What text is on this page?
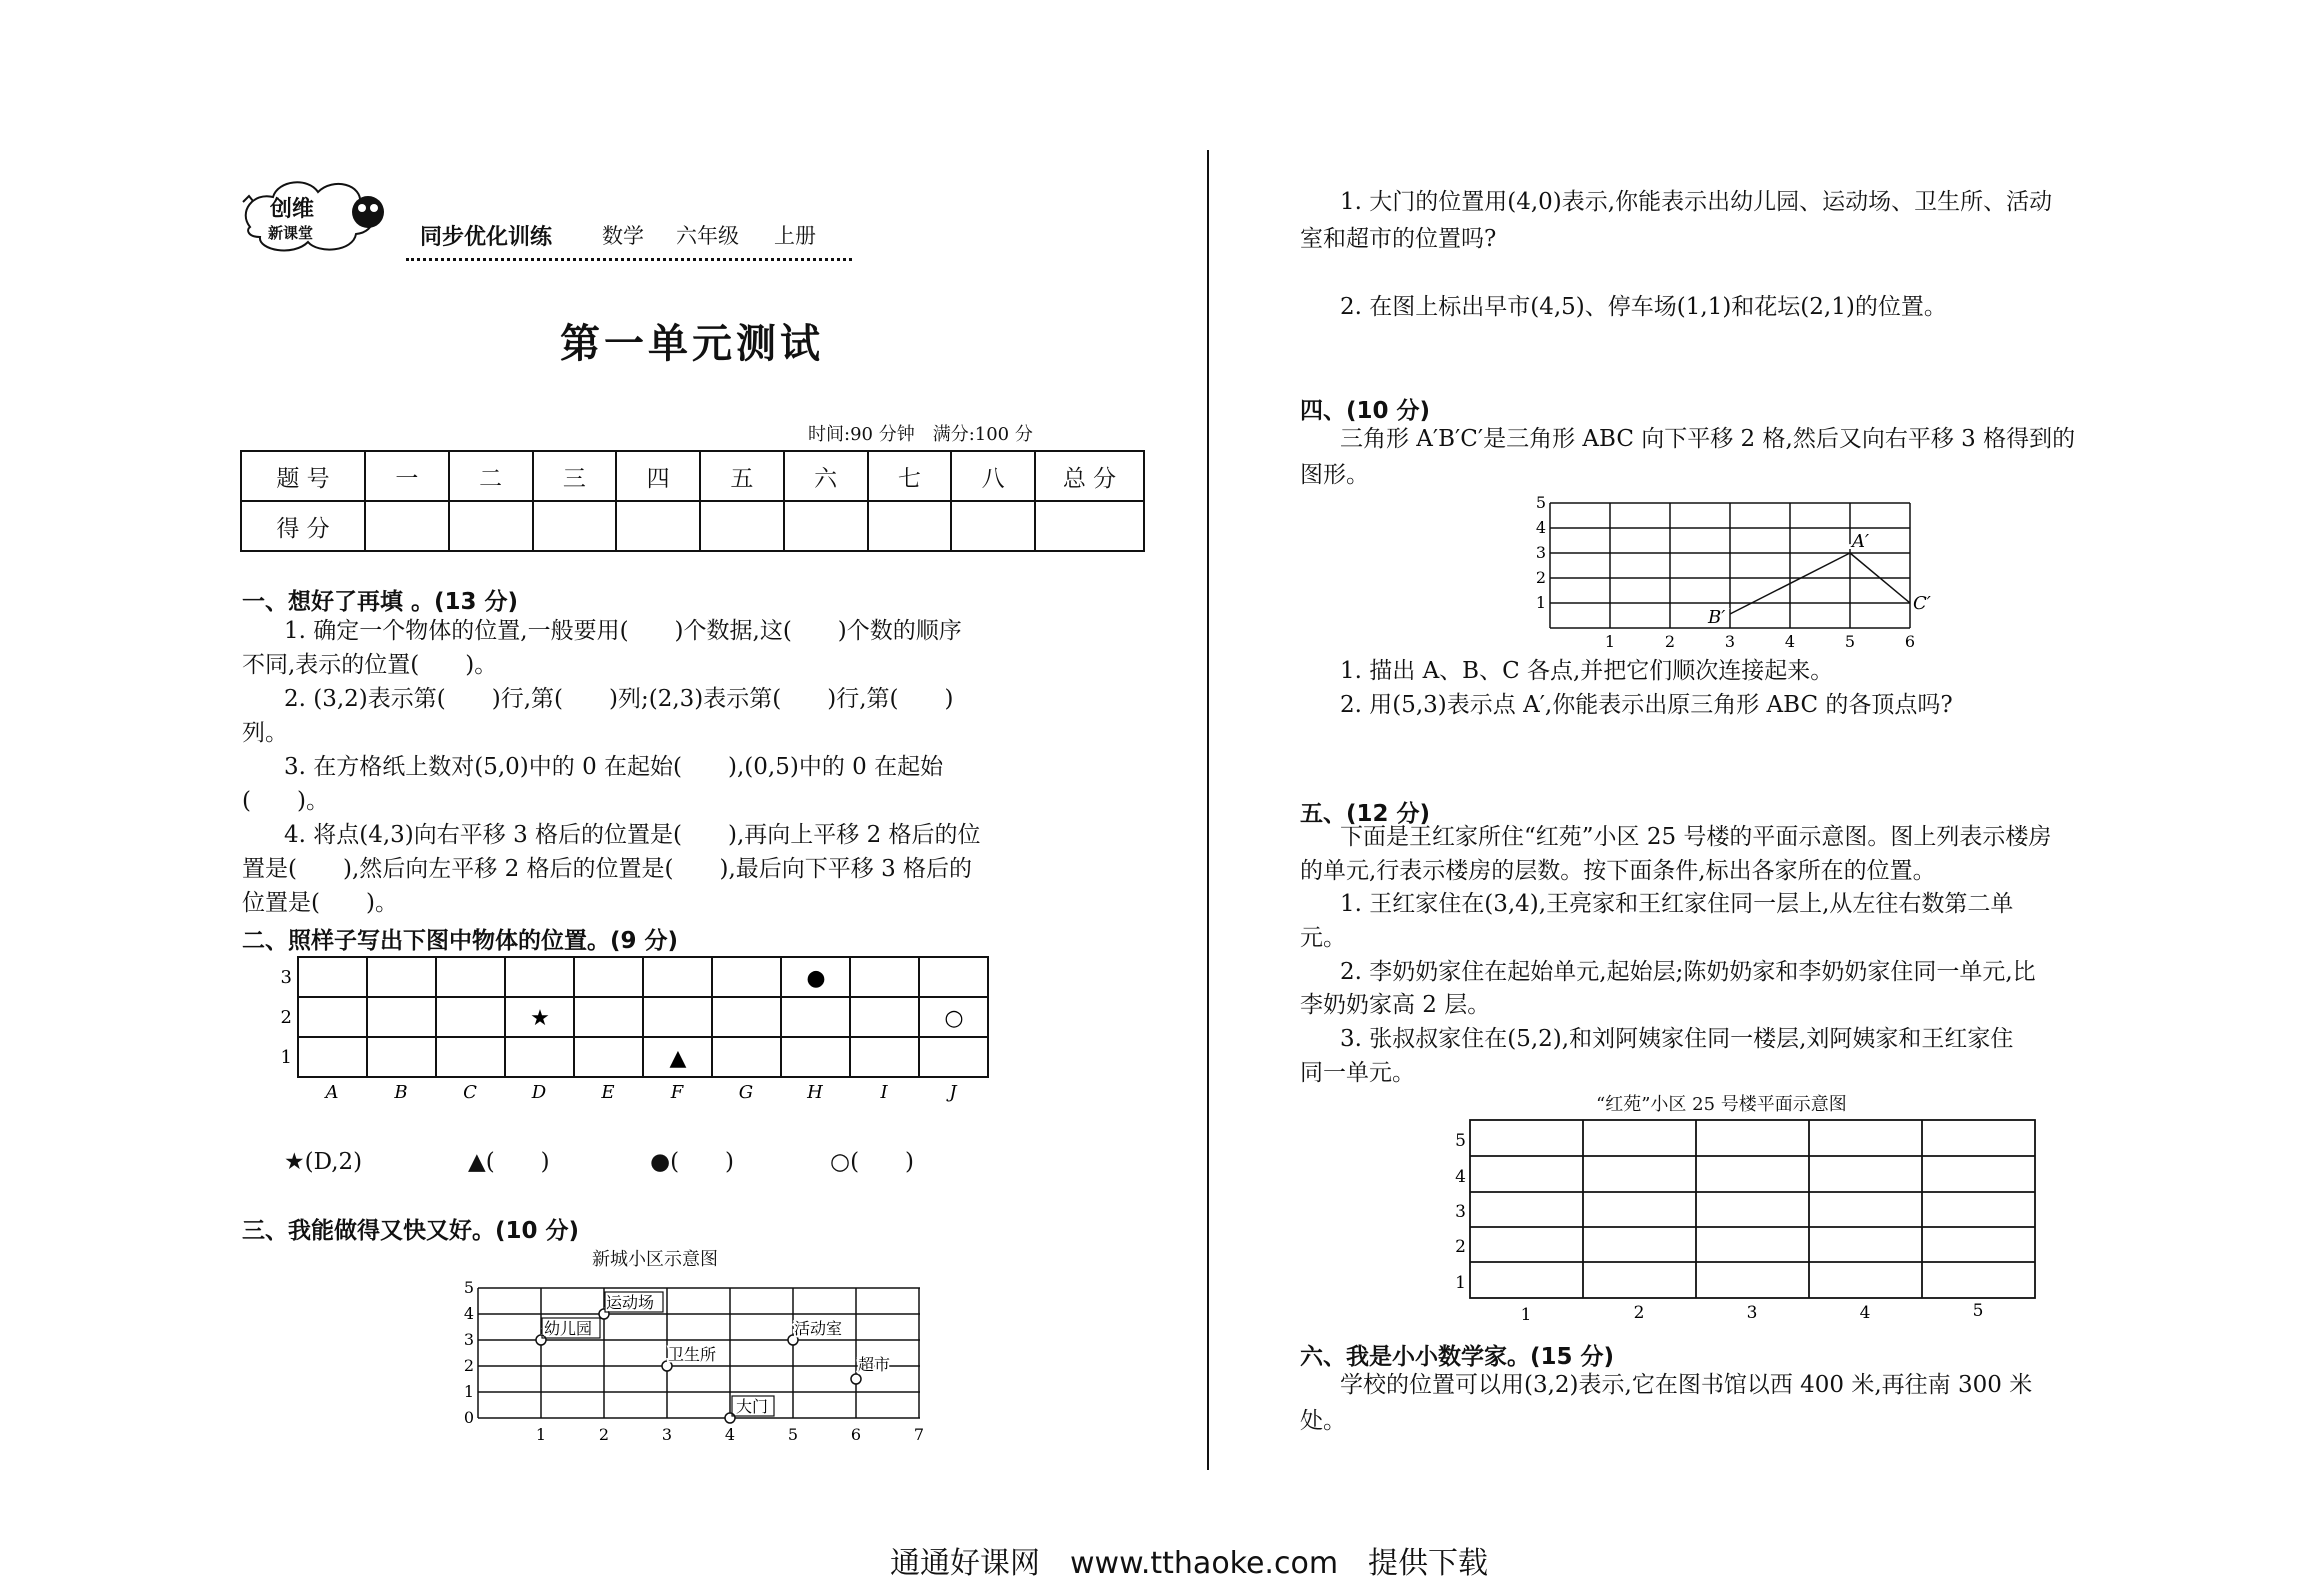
创维
新课堂	同步优化训练 数学 六年级 上册
第一单元测试
时间:90 分钟　满分:100 分
题 号	一	二	三	四	五	六	七	八	总 分
得 分									
一、想好了再填 。(13 分)
1. 确定一个物体的位置,一般要用(　　)个数据,这(　　)个数的顺序
不同,表示的位置(　　)。
2. (3,2)表示第(　　)行,第(　　)列;(2,3)表示第(　　)行,第(　　)
列。
3. 在方格纸上数对(5,0)中的 0 在起始(　　),(0,5)中的 0 在起始
(　　)。
4. 将点(4,3)向右平移 3 格后的位置是(　　),再向上平移 2 格后的位
置是(　　),然后向左平移 2 格后的位置是(　　),最后向下平移 3 格后的
位置是(　　)。
二、照样子写出下图中物体的位置。(9 分)
A	B	C	D	E	F	G	H	I	J
3
2
1
★
▲
●
○
★(D,2)	▲(　　)	●(　　)	○(　　)
三、我能做得又快又好。(10 分)
新城小区示意图
0
1
2
3
4
5
1	2	3	4	5	6	7
幼儿园
运动场
卫生所
活动室
超市
大门
1. 大门的位置用(4,0)表示,你能表示出幼儿园、运动场、卫生所、活动
室和超市的位置吗?
2. 在图上标出早市(4,5)、停车场(1,1)和花坛(2,1)的位置。
四、(10 分)
三角形 A′B′C′是三角形 ABC 向下平移 2 格,然后又向右平移 3 格得到的
图形。
1
2
3
4
5
1	2	3	4	5	6
A′
B′
C′
1. 描出 A、B、C 各点,并把它们顺次连接起来。
2. 用(5,3)表示点 A′,你能表示出原三角形 ABC 的各顶点吗?
五、(12 分)
下面是王红家所住“红苑”小区 25 号楼的平面示意图。图上列表示楼房
的单元,行表示楼房的层数。按下面条件,标出各家所在的位置。
1. 王红家住在(3,4),王亮家和王红家住同一层上,从左往右数第二单
元。
2. 李奶奶家住在起始单元,起始层;陈奶奶家和李奶奶家住同一单元,比
李奶奶家高 2 层。
3. 张叔叔家住在(5,2),和刘阿姨家住同一楼层,刘阿姨家和王红家住
同一单元。
“红苑”小区 25 号楼平面示意图
1
2
3
4
5
1	2	3	4	5
六、我是小小数学家。(15 分)
学校的位置可以用(3,2)表示,它在图书馆以西 400 米,再往南 300 米
处。
通通好课网　www.tthaoke.com　提供下载
